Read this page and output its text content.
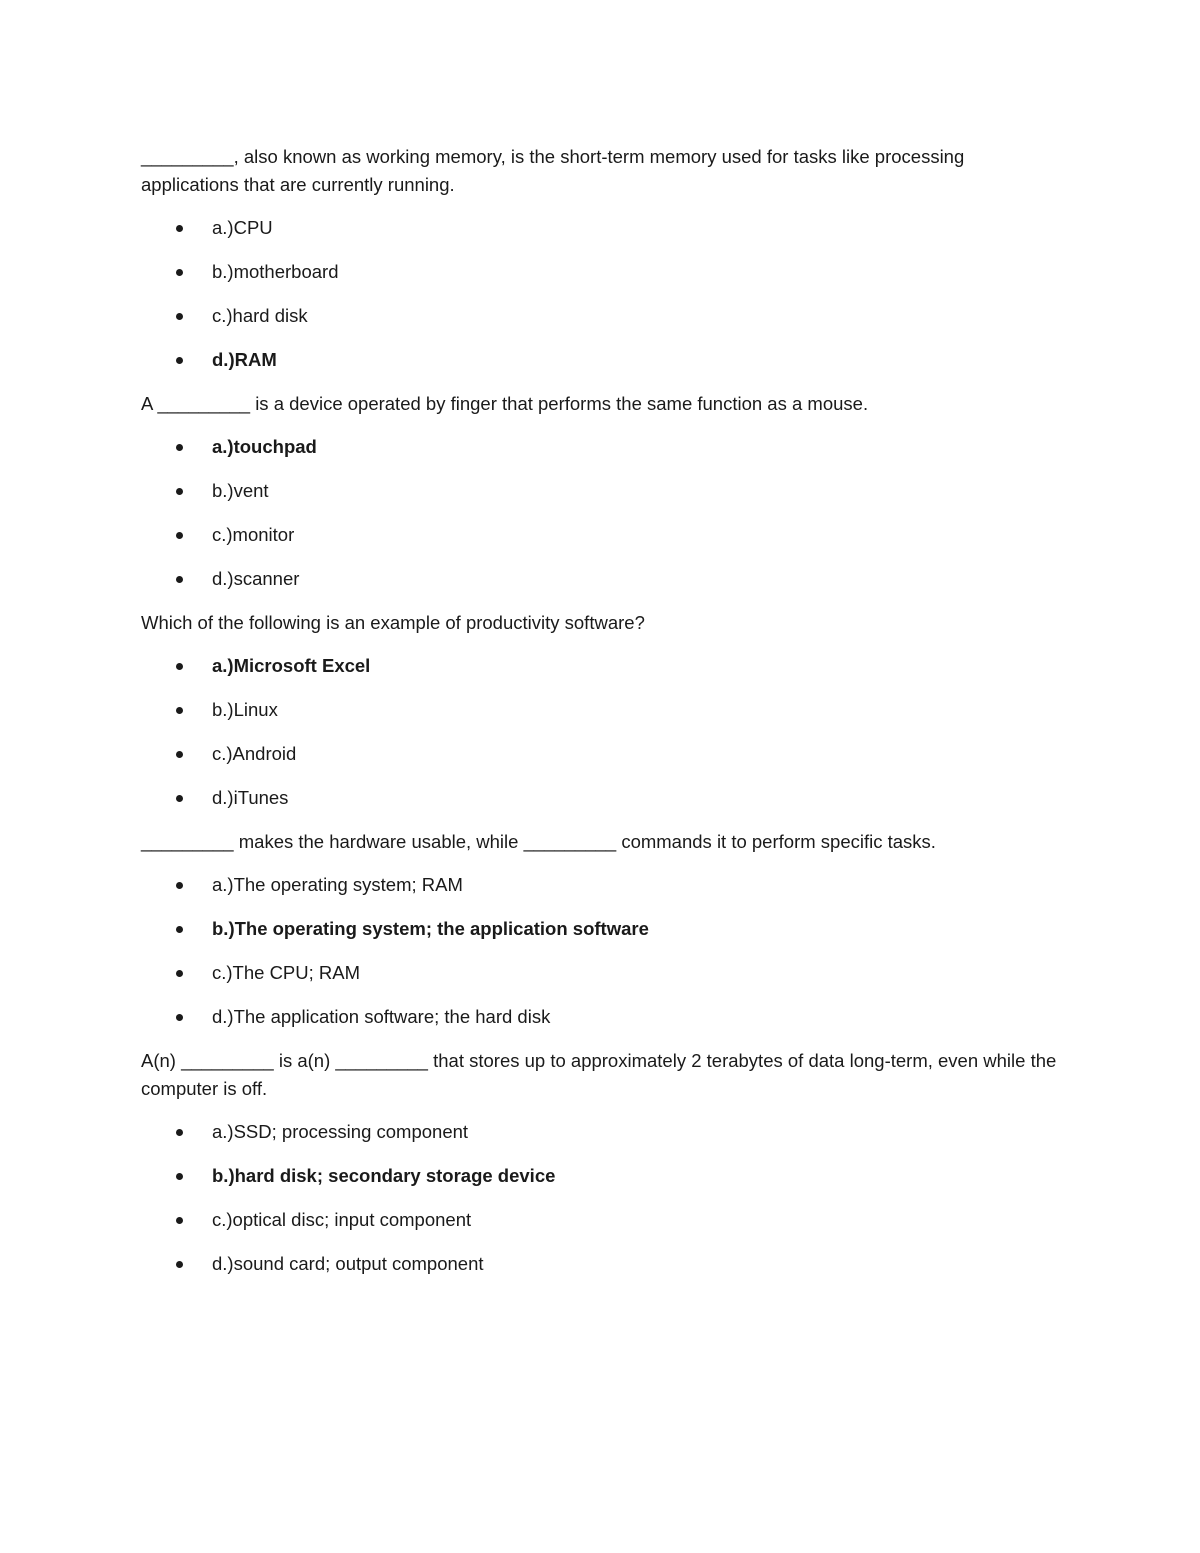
_________, also known as working memory, is the short-term memory used for tasks like processing applications that are currently running.

a.)CPU
b.)motherboard
c.)hard disk
d.)RAM

A _________ is a device operated by finger that performs the same function as a mouse.

a.)touchpad
b.)vent
c.)monitor
d.)scanner

Which of the following is an example of productivity software?

a.)Microsoft Excel
b.)Linux
c.)Android
d.)iTunes

_________ makes the hardware usable, while _________ commands it to perform specific tasks.

a.)The operating system; RAM
b.)The operating system; the application software
c.)The CPU; RAM
d.)The application software; the hard disk

A(n) _________ is a(n) _________ that stores up to approximately 2 terabytes of data long-term, even while the computer is off.

a.)SSD; processing component
b.)hard disk; secondary storage device
c.)optical disc; input component
d.)sound card; output component
